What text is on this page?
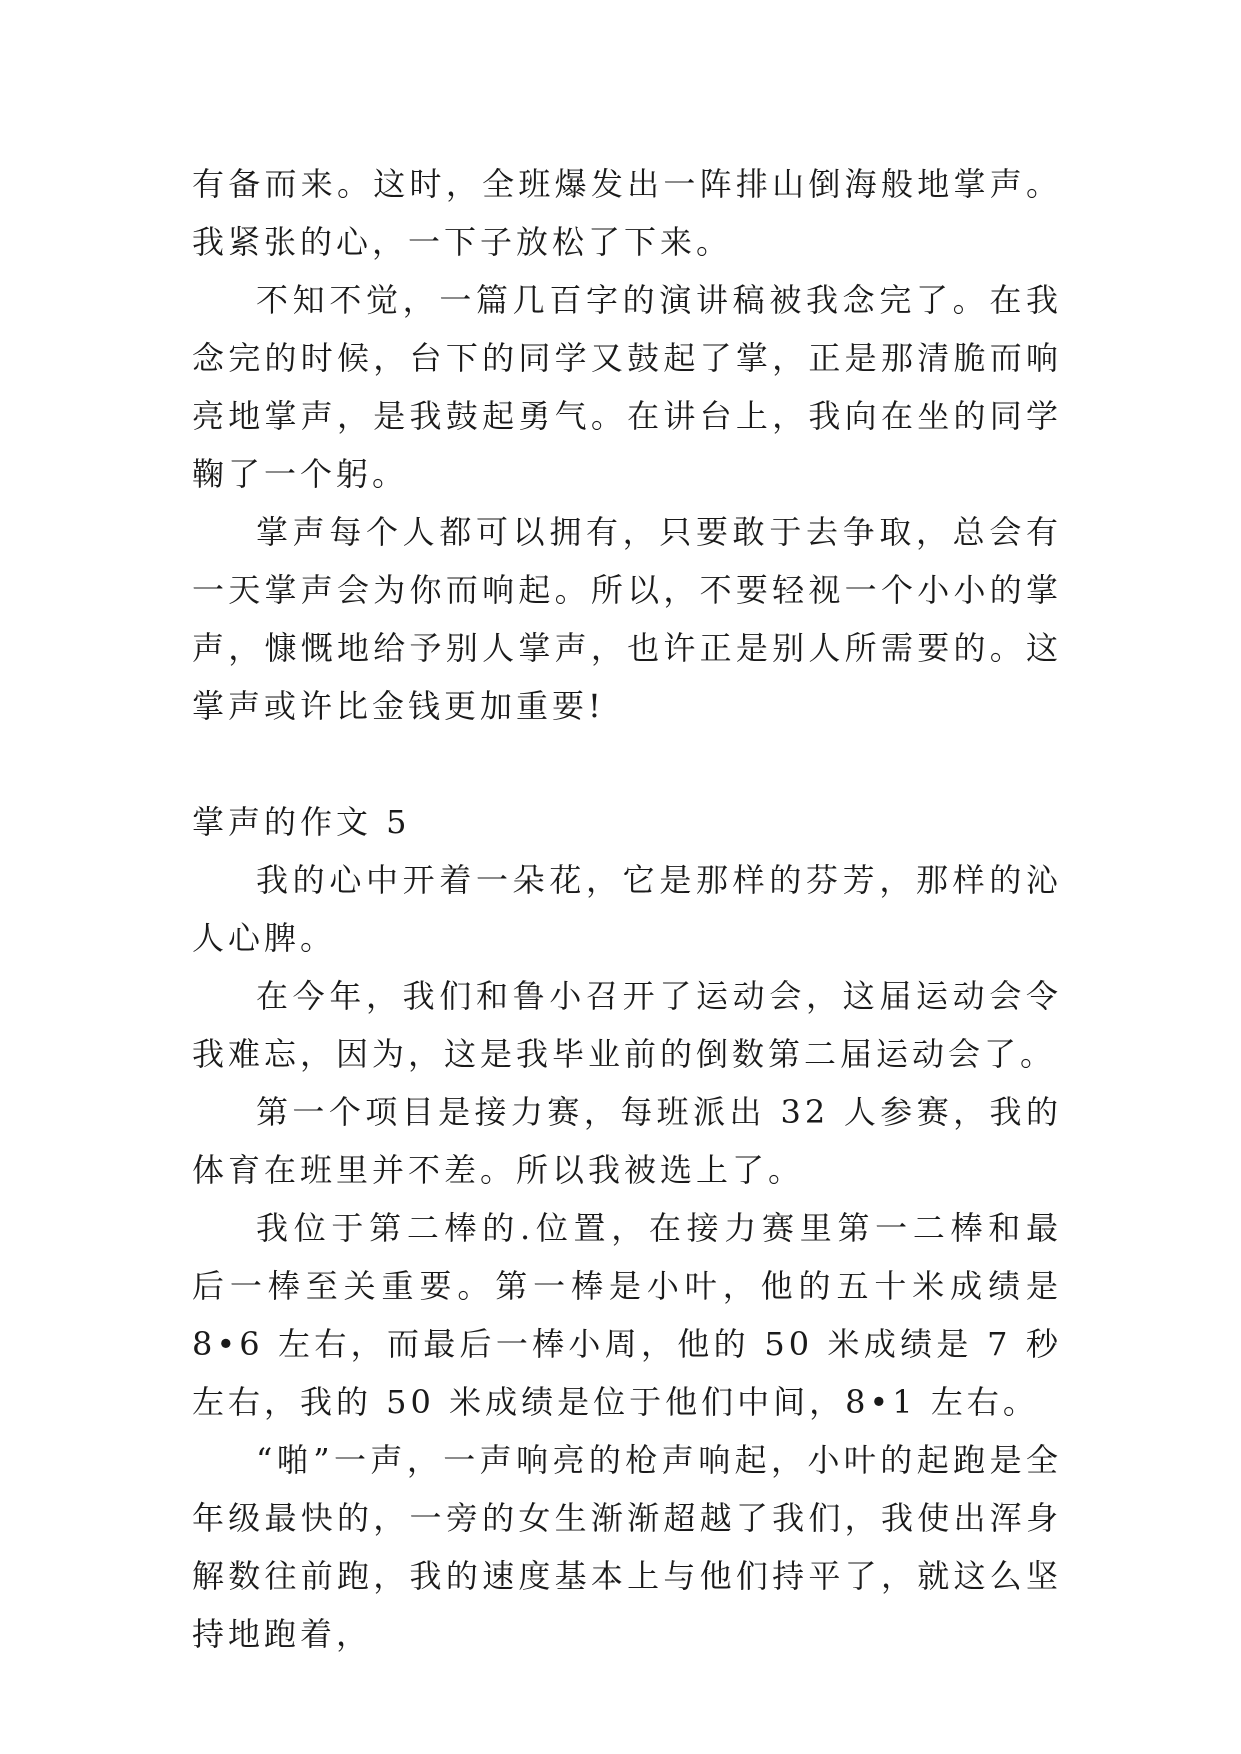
有备而来。这时，全班爆发出一阵排山倒海般地掌声。我紧张的心，一下子放松了下来。

不知不觉，一篇几百字的演讲稿被我念完了。在我念完的时候，台下的同学又鼓起了掌，正是那清脆而响亮地掌声，是我鼓起勇气。在讲台上，我向在坐的同学鞠了一个躬。

掌声每个人都可以拥有，只要敢于去争取，总会有一天掌声会为你而响起。所以，不要轻视一个小小的掌声，慷慨地给予别人掌声，也许正是别人所需要的。这掌声或许比金钱更加重要!

掌声的作文 5

我的心中开着一朵花，它是那样的芬芳，那样的沁人心脾。

在今年，我们和鲁小召开了运动会，这届运动会令我难忘，因为，这是我毕业前的倒数第二届运动会了。

第一个项目是接力赛，每班派出 32 人参赛，我的体育在班里并不差。所以我被选上了。

我位于第二棒的.位置，在接力赛里第一二棒和最后一棒至关重要。第一棒是小叶，他的五十米成绩是 8•6 左右，而最后一棒小周，他的 50 米成绩是 7 秒左右，我的 50 米成绩是位于他们中间，8•1 左右。

“啪”一声，一声响亮的枪声响起，小叶的起跑是全年级最快的，一旁的女生渐渐超越了我们，我使出浑身解数往前跑，我的速度基本上与他们持平了，就这么坚持地跑着，
